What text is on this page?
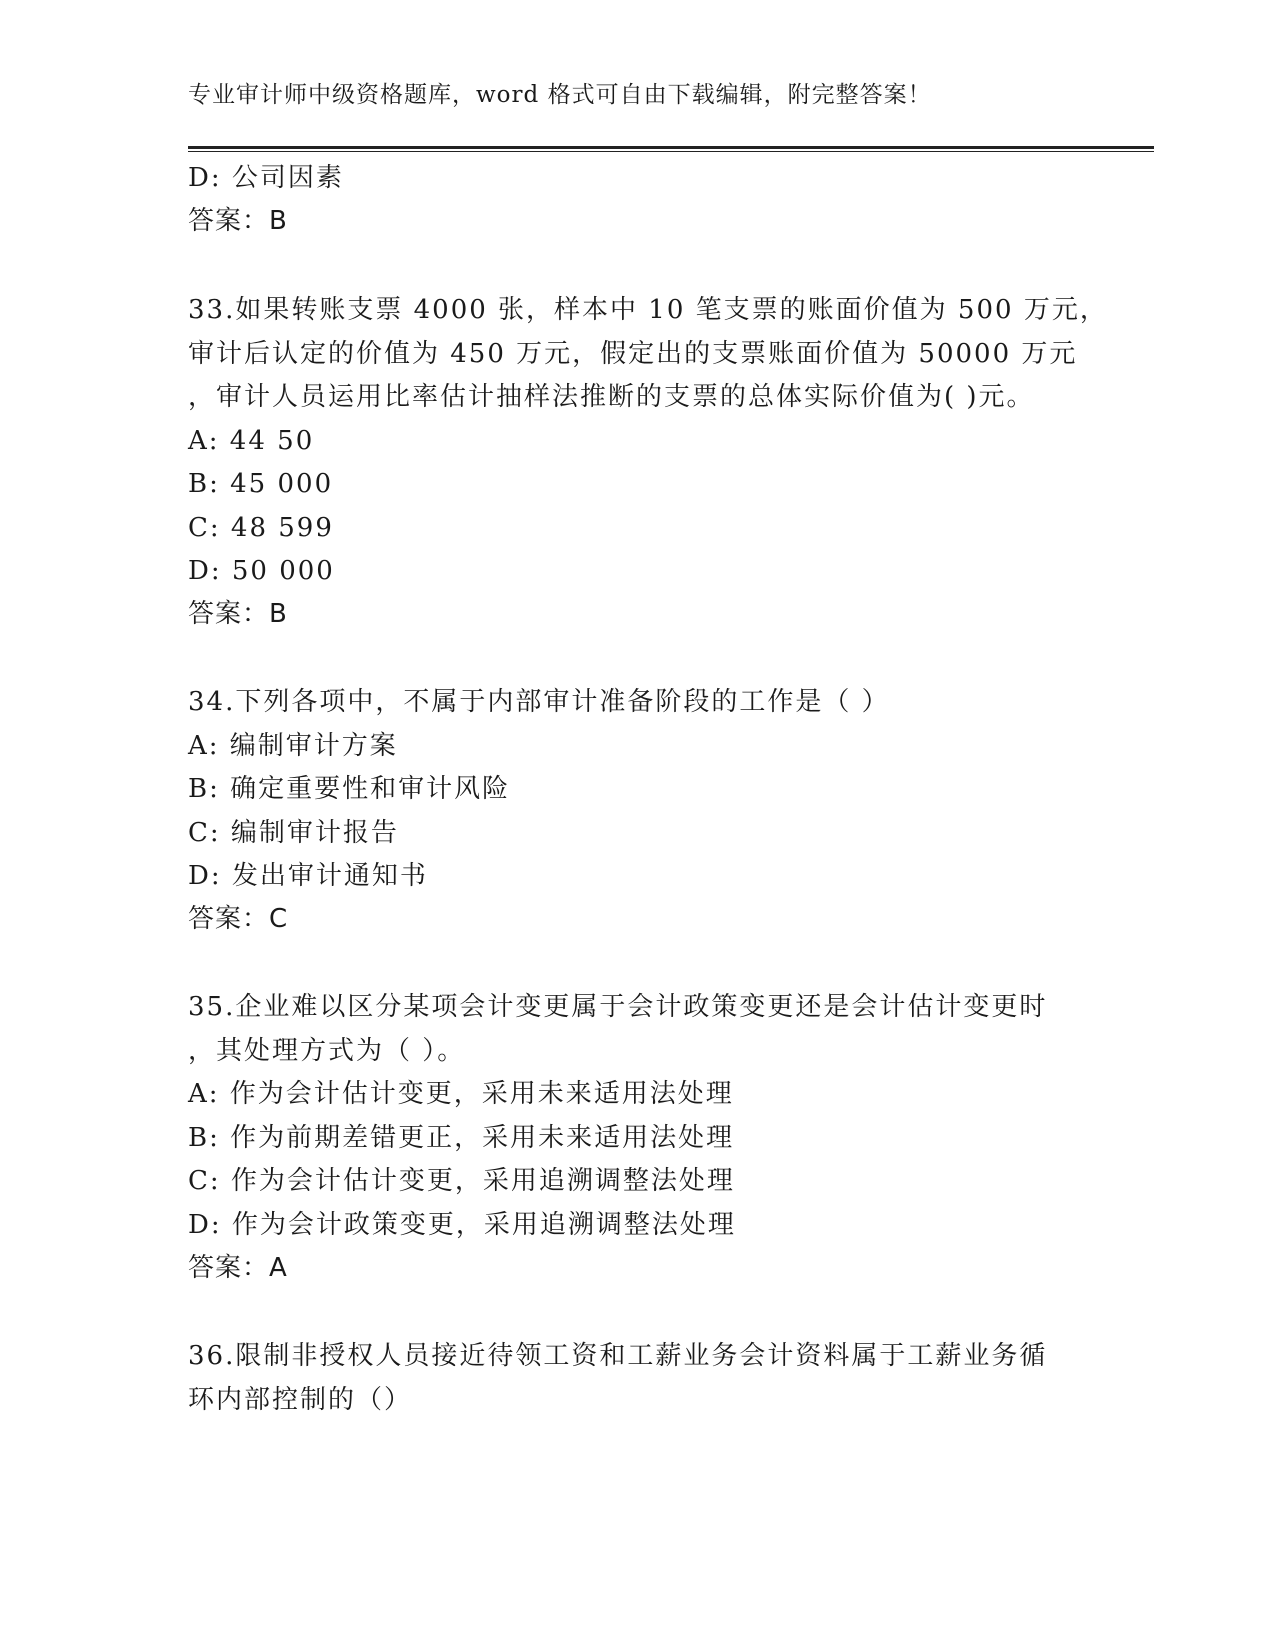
专业审计师中级资格题库，word 格式可自由下载编辑，附完整答案！
D: 公司因素
答案：B
33.如果转账支票 4000 张，样本中 10 笔支票的账面价值为 500 万元，
审计后认定的价值为 450 万元，假定出的支票账面价值为 50000 万元
，审计人员运用比率估计抽样法推断的支票的总体实际价值为( )元。
A: 44 50
B: 45 000
C: 48 599
D: 50 000
答案：B
34.下列各项中，不属于内部审计准备阶段的工作是（ ）
A: 编制审计方案
B: 确定重要性和审计风险
C: 编制审计报告
D: 发出审计通知书
答案：C
35.企业难以区分某项会计变更属于会计政策变更还是会计估计变更时
，其处理方式为（ ）。
A: 作为会计估计变更，采用未来适用法处理
B: 作为前期差错更正，采用未来适用法处理
C: 作为会计估计变更，采用追溯调整法处理
D: 作为会计政策变更，采用追溯调整法处理
答案：A
36.限制非授权人员接近待领工资和工薪业务会计资料属于工薪业务循
环内部控制的（）
